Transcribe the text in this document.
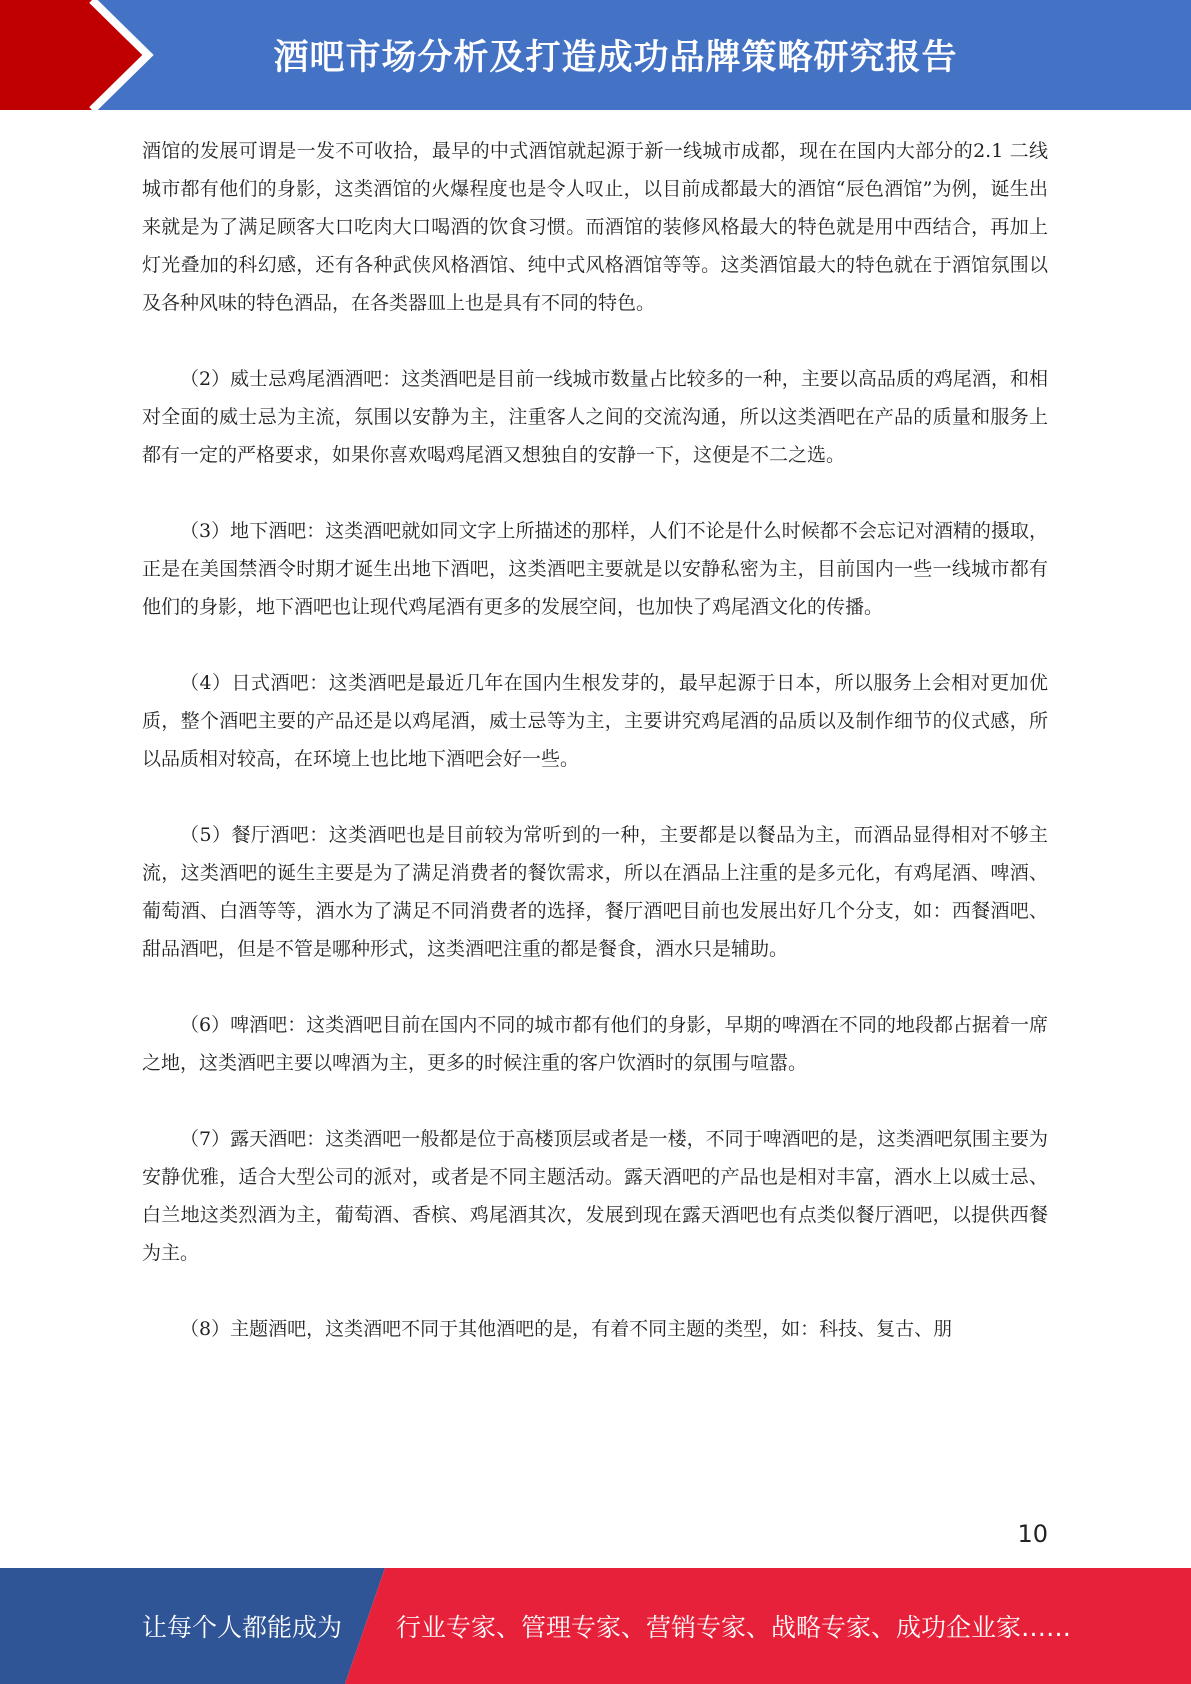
酒吧市场分析及打造成功品牌策略研究报告

酒馆的发展可谓是一发不可收拾，最早的中式酒馆就起源于新一线城市成都，现在在国内大部分的2.1 二线城市都有他们的身影，这类酒馆的火爆程度也是令人叹止，以目前成都最大的酒馆“辰色酒馆”为例，诞生出来就是为了满足顾客大口吃肉大口喝酒的饮食习惯。而酒馆的装修风格最大的特色就是用中西结合，再加上灯光叠加的科幻感，还有各种武侠风格酒馆、纯中式风格酒馆等等。这类酒馆最大的特色就在于酒馆氛围以及各种风味的特色酒品，在各类器皿上也是具有不同的特色。

（2）威士忌鸡尾酒酒吧：这类酒吧是目前一线城市数量占比较多的一种，主要以高品质的鸡尾酒，和相对全面的威士忌为主流，氛围以安静为主，注重客人之间的交流沟通，所以这类酒吧在产品的质量和服务上都有一定的严格要求，如果你喜欢喝鸡尾酒又想独自的安静一下，这便是不二之选。

（3）地下酒吧：这类酒吧就如同文字上所描述的那样，人们不论是什么时候都不会忘记对酒精的摄取，正是在美国禁酒令时期才诞生出地下酒吧，这类酒吧主要就是以安静私密为主，目前国内一些一线城市都有他们的身影，地下酒吧也让现代鸡尾酒有更多的发展空间，也加快了鸡尾酒文化的传播。

（4）日式酒吧：这类酒吧是最近几年在国内生根发芽的，最早起源于日本，所以服务上会相对更加优质，整个酒吧主要的产品还是以鸡尾酒，威士忌等为主，主要讲究鸡尾酒的品质以及制作细节的仪式感，所以品质相对较高，在环境上也比地下酒吧会好一些。

（5）餐厅酒吧：这类酒吧也是目前较为常听到的一种，主要都是以餐品为主，而酒品显得相对不够主流，这类酒吧的诞生主要是为了满足消费者的餐饮需求，所以在酒品上注重的是多元化，有鸡尾酒、啤酒、葡萄酒、白酒等等，酒水为了满足不同消费者的选择，餐厅酒吧目前也发展出好几个分支，如：西餐酒吧、甜品酒吧，但是不管是哪种形式，这类酒吧注重的都是餐食，酒水只是辅助。

（6）啤酒吧：这类酒吧目前在国内不同的城市都有他们的身影，早期的啤酒在不同的地段都占据着一席之地，这类酒吧主要以啤酒为主，更多的时候注重的客户饮酒时的氛围与喧嚣。

（7）露天酒吧：这类酒吧一般都是位于高楼顶层或者是一楼，不同于啤酒吧的是，这类酒吧氛围主要为安静优雅，适合大型公司的派对，或者是不同主题活动。露天酒吧的产品也是相对丰富，酒水上以威士忌、白兰地这类烈酒为主，葡萄酒、香槟、鸡尾酒其次，发展到现在露天酒吧也有点类似餐厅酒吧，以提供西餐为主。

（8）主题酒吧，这类酒吧不同于其他酒吧的是，有着不同主题的类型，如：科技、复古、朋

10
让每个人都能成为 行业专家、管理专家、营销专家、战略专家、成功企业家……
